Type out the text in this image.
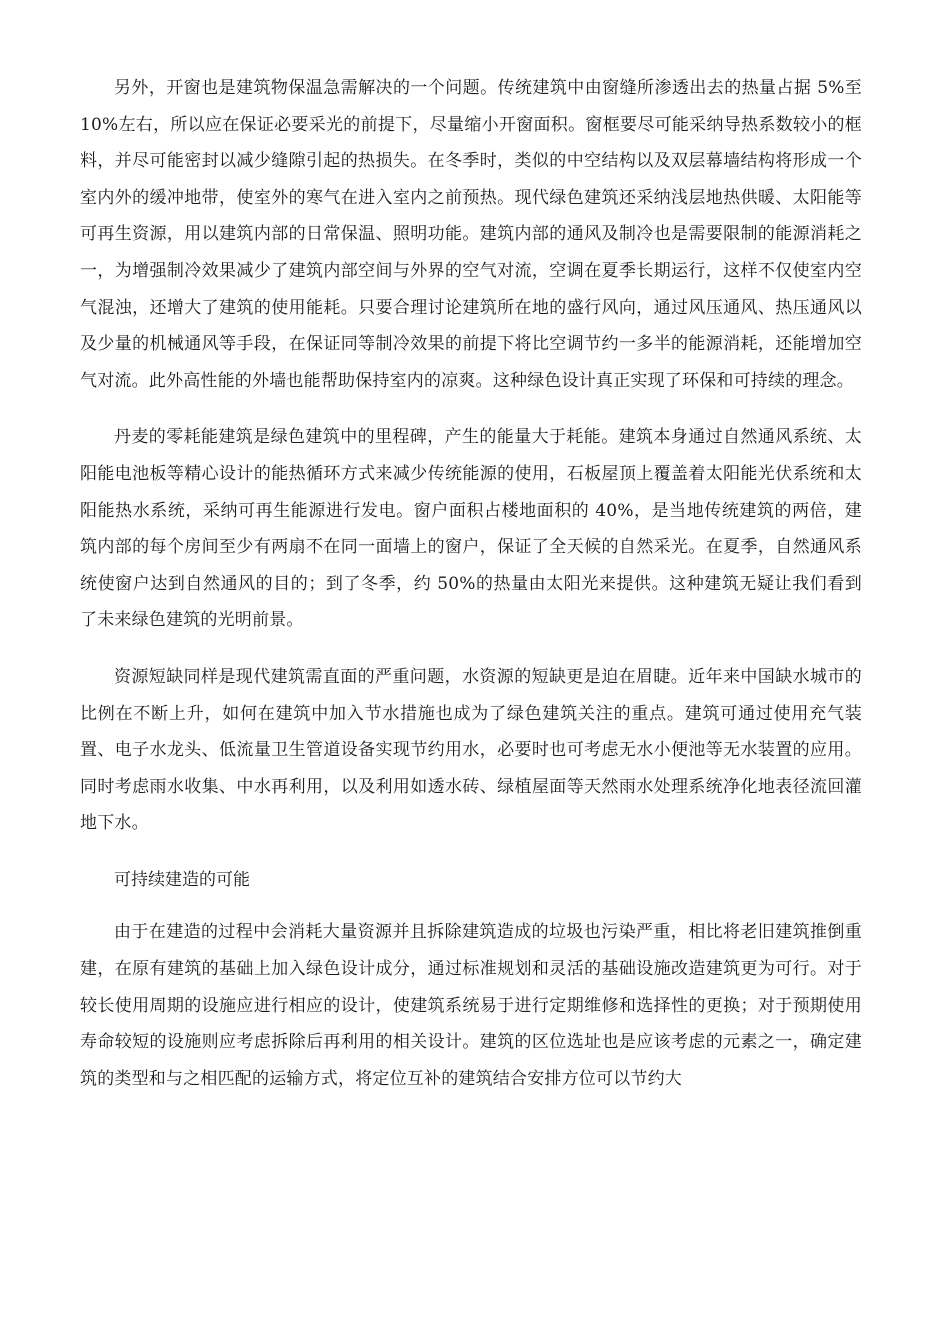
另外，开窗也是建筑物保温急需解决的一个问题。传统建筑中由窗缝所渗透出去的热量占据 5%至 10%左右，所以应在保证必要采光的前提下，尽量缩小开窗面积。窗框要尽可能采纳导热系数较小的框料，并尽可能密封以减少缝隙引起的热损失。在冬季时，类似的中空结构以及双层幕墙结构将形成一个室内外的缓冲地带，使室外的寒气在进入室内之前预热。现代绿色建筑还采纳浅层地热供暖、太阳能等可再生资源，用以建筑内部的日常保温、照明功能。建筑内部的通风及制冷也是需要限制的能源消耗之一，为增强制冷效果减少了建筑内部空间与外界的空气对流，空调在夏季长期运行，这样不仅使室内空气混浊，还增大了建筑的使用能耗。只要合理讨论建筑所在地的盛行风向，通过风压通风、热压通风以及少量的机械通风等手段，在保证同等制冷效果的前提下将比空调节约一多半的能源消耗，还能增加空气对流。此外高性能的外墙也能帮助保持室内的凉爽。这种绿色设计真正实现了环保和可持续的理念。

丹麦的零耗能建筑是绿色建筑中的里程碑，产生的能量大于耗能。建筑本身通过自然通风系统、太阳能电池板等精心设计的能热循环方式来减少传统能源的使用，石板屋顶上覆盖着太阳能光伏系统和太阳能热水系统，采纳可再生能源进行发电。窗户面积占楼地面积的 40%，是当地传统建筑的两倍，建筑内部的每个房间至少有两扇不在同一面墙上的窗户，保证了全天候的自然采光。在夏季，自然通风系统使窗户达到自然通风的目的；到了冬季，约 50%的热量由太阳光来提供。这种建筑无疑让我们看到了未来绿色建筑的光明前景。

资源短缺同样是现代建筑需直面的严重问题，水资源的短缺更是迫在眉睫。近年来中国缺水城市的比例在不断上升，如何在建筑中加入节水措施也成为了绿色建筑关注的重点。建筑可通过使用充气装置、电子水龙头、低流量卫生管道设备实现节约用水，必要时也可考虑无水小便池等无水装置的应用。同时考虑雨水收集、中水再利用，以及利用如透水砖、绿植屋面等天然雨水处理系统净化地表径流回灌地下水。

可持续建造的可能

由于在建造的过程中会消耗大量资源并且拆除建筑造成的垃圾也污染严重，相比将老旧建筑推倒重建，在原有建筑的基础上加入绿色设计成分，通过标准规划和灵活的基础设施改造建筑更为可行。对于较长使用周期的设施应进行相应的设计，使建筑系统易于进行定期维修和选择性的更换；对于预期使用寿命较短的设施则应考虑拆除后再利用的相关设计。建筑的区位选址也是应该考虑的元素之一，确定建筑的类型和与之相匹配的运输方式，将定位互补的建筑结合安排方位可以节约大
